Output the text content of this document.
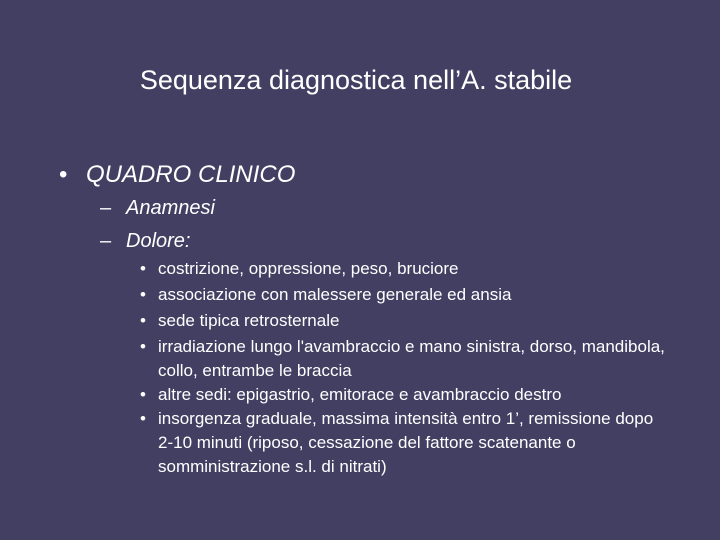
Sequenza diagnostica nell’A. stabile
• QUADRO CLINICO
– Anamnesi
– Dolore:
• costrizione, oppressione, peso, bruciore
• associazione con malessere generale ed ansia
• sede tipica retrosternale
• irradiazione lungo l'avambraccio e mano sinistra, dorso, mandibola, collo, entrambe le braccia
• altre sedi: epigastrio, emitorace e avambraccio destro
• insorgenza graduale, massima intensità entro 1’, remissione dopo 2-10 minuti (riposo, cessazione del fattore scatenante o somministrazione s.l. di nitrati)
